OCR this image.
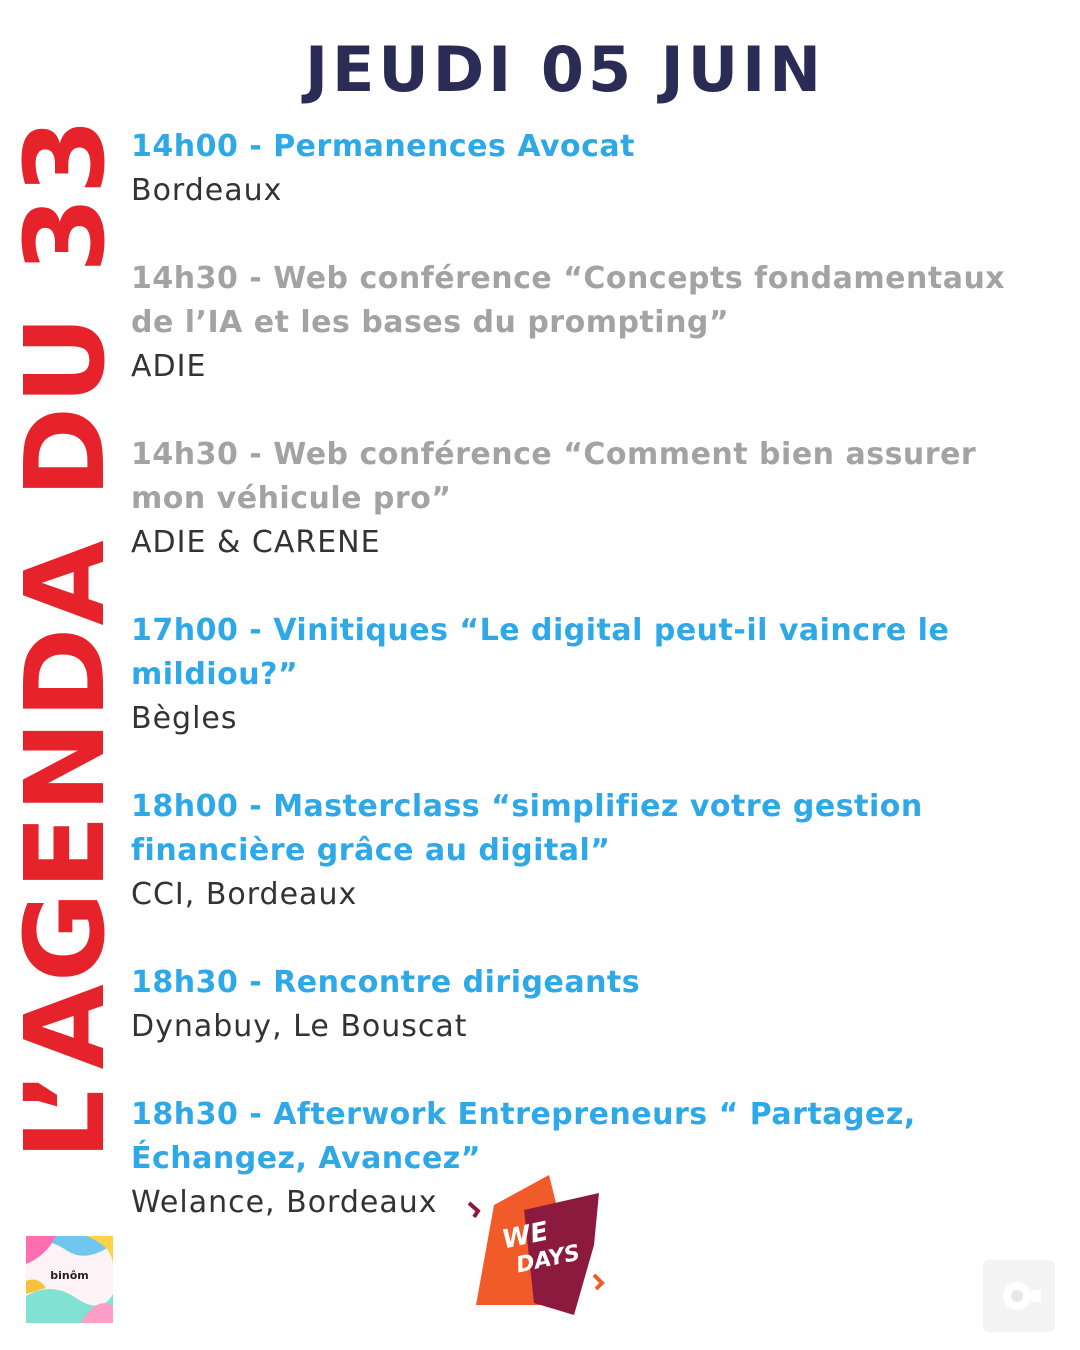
JEUDI 05 JUIN
L’AGENDA DU 33 14h00 - Permanences Avocat
Bordeaux
14h30 - Web conférence “Concepts fondamentaux de l’IA et les bases du prompting”
ADIE
14h30 - Web conférence “Comment bien assurer mon véhicule pro”
ADIE & CARENE
17h00 - Vinitiques “Le digital peut-il vaincre le mildiou?”
Bègles
18h00 - Masterclass “simplifiez votre gestion financière grâce au digital”
CCI, Bordeaux
18h30 - Rencontre dirigeants
Dynabuy, Le Bouscat
18h30 - Afterwork Entrepreneurs “ Partagez, Échangez, Avancez”
Welance, Bordeaux
binôm
WE
DAYS
